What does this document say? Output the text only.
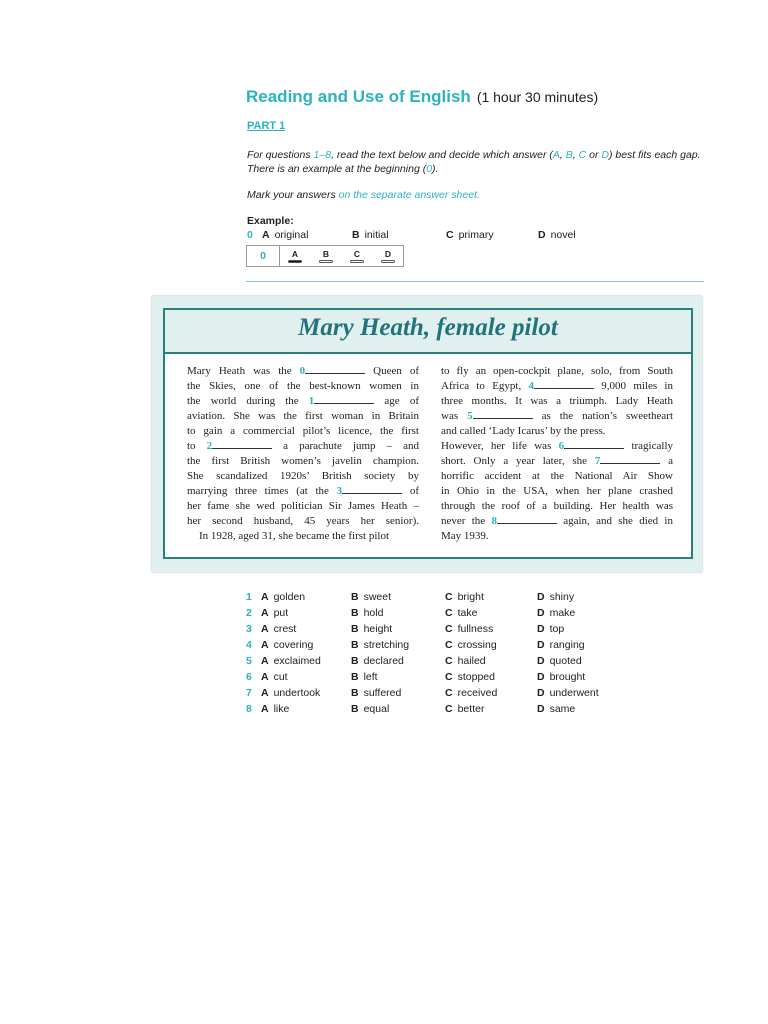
Reading and Use of English (1 hour 30 minutes)
PART 1
For questions 1–8, read the text below and decide which answer (A, B, C or D) best fits each gap. There is an example at the beginning (0).
Mark your answers on the separate answer sheet.
Example:
0 A original	B initial	C primary	D novel
0	A	B	C	D
Mary Heath, female pilot
Mary Heath was the 0	Queen of
the Skies, one of the best-known women in
the world during the 1	age of
aviation. She was the first woman in Britain
to gain a commercial pilot’s licence, the first
to 2	a parachute jump – and
the first British women’s javelin champion.
She scandalized 1920s’ British society by
marrying three times (at the 3	of
her fame she wed politician Sir James Heath –
her second husband, 45 years her senior).
In 1928, aged 31, she became the first pilot
to fly an open-cockpit plane, solo, from South
Africa to Egypt, 4	9,000 miles in
three months. It was a triumph. Lady Heath
was 5	as the nation’s sweetheart
and called ‘Lady Icarus’ by the press.
However, her life was 6	tragically
short. Only a year later, she 7	a
horrific accident at the National Air Show
in Ohio in the USA, when her plane crashed
through the roof of a building. Her health was
never the 8	again, and she died in
May 1939.
1 A golden	B sweet	C bright	D shiny
2 A put	B hold	C take	D make
3 A crest	B height	C fullness	D top
4 A covering	B stretching	C crossing	D ranging
5 A exclaimed	B declared	C hailed	D quoted
6 A cut	B left	C stopped	D brought
7 A undertook	B suffered	C received	D underwent
8 A like	B equal	C better	D same
